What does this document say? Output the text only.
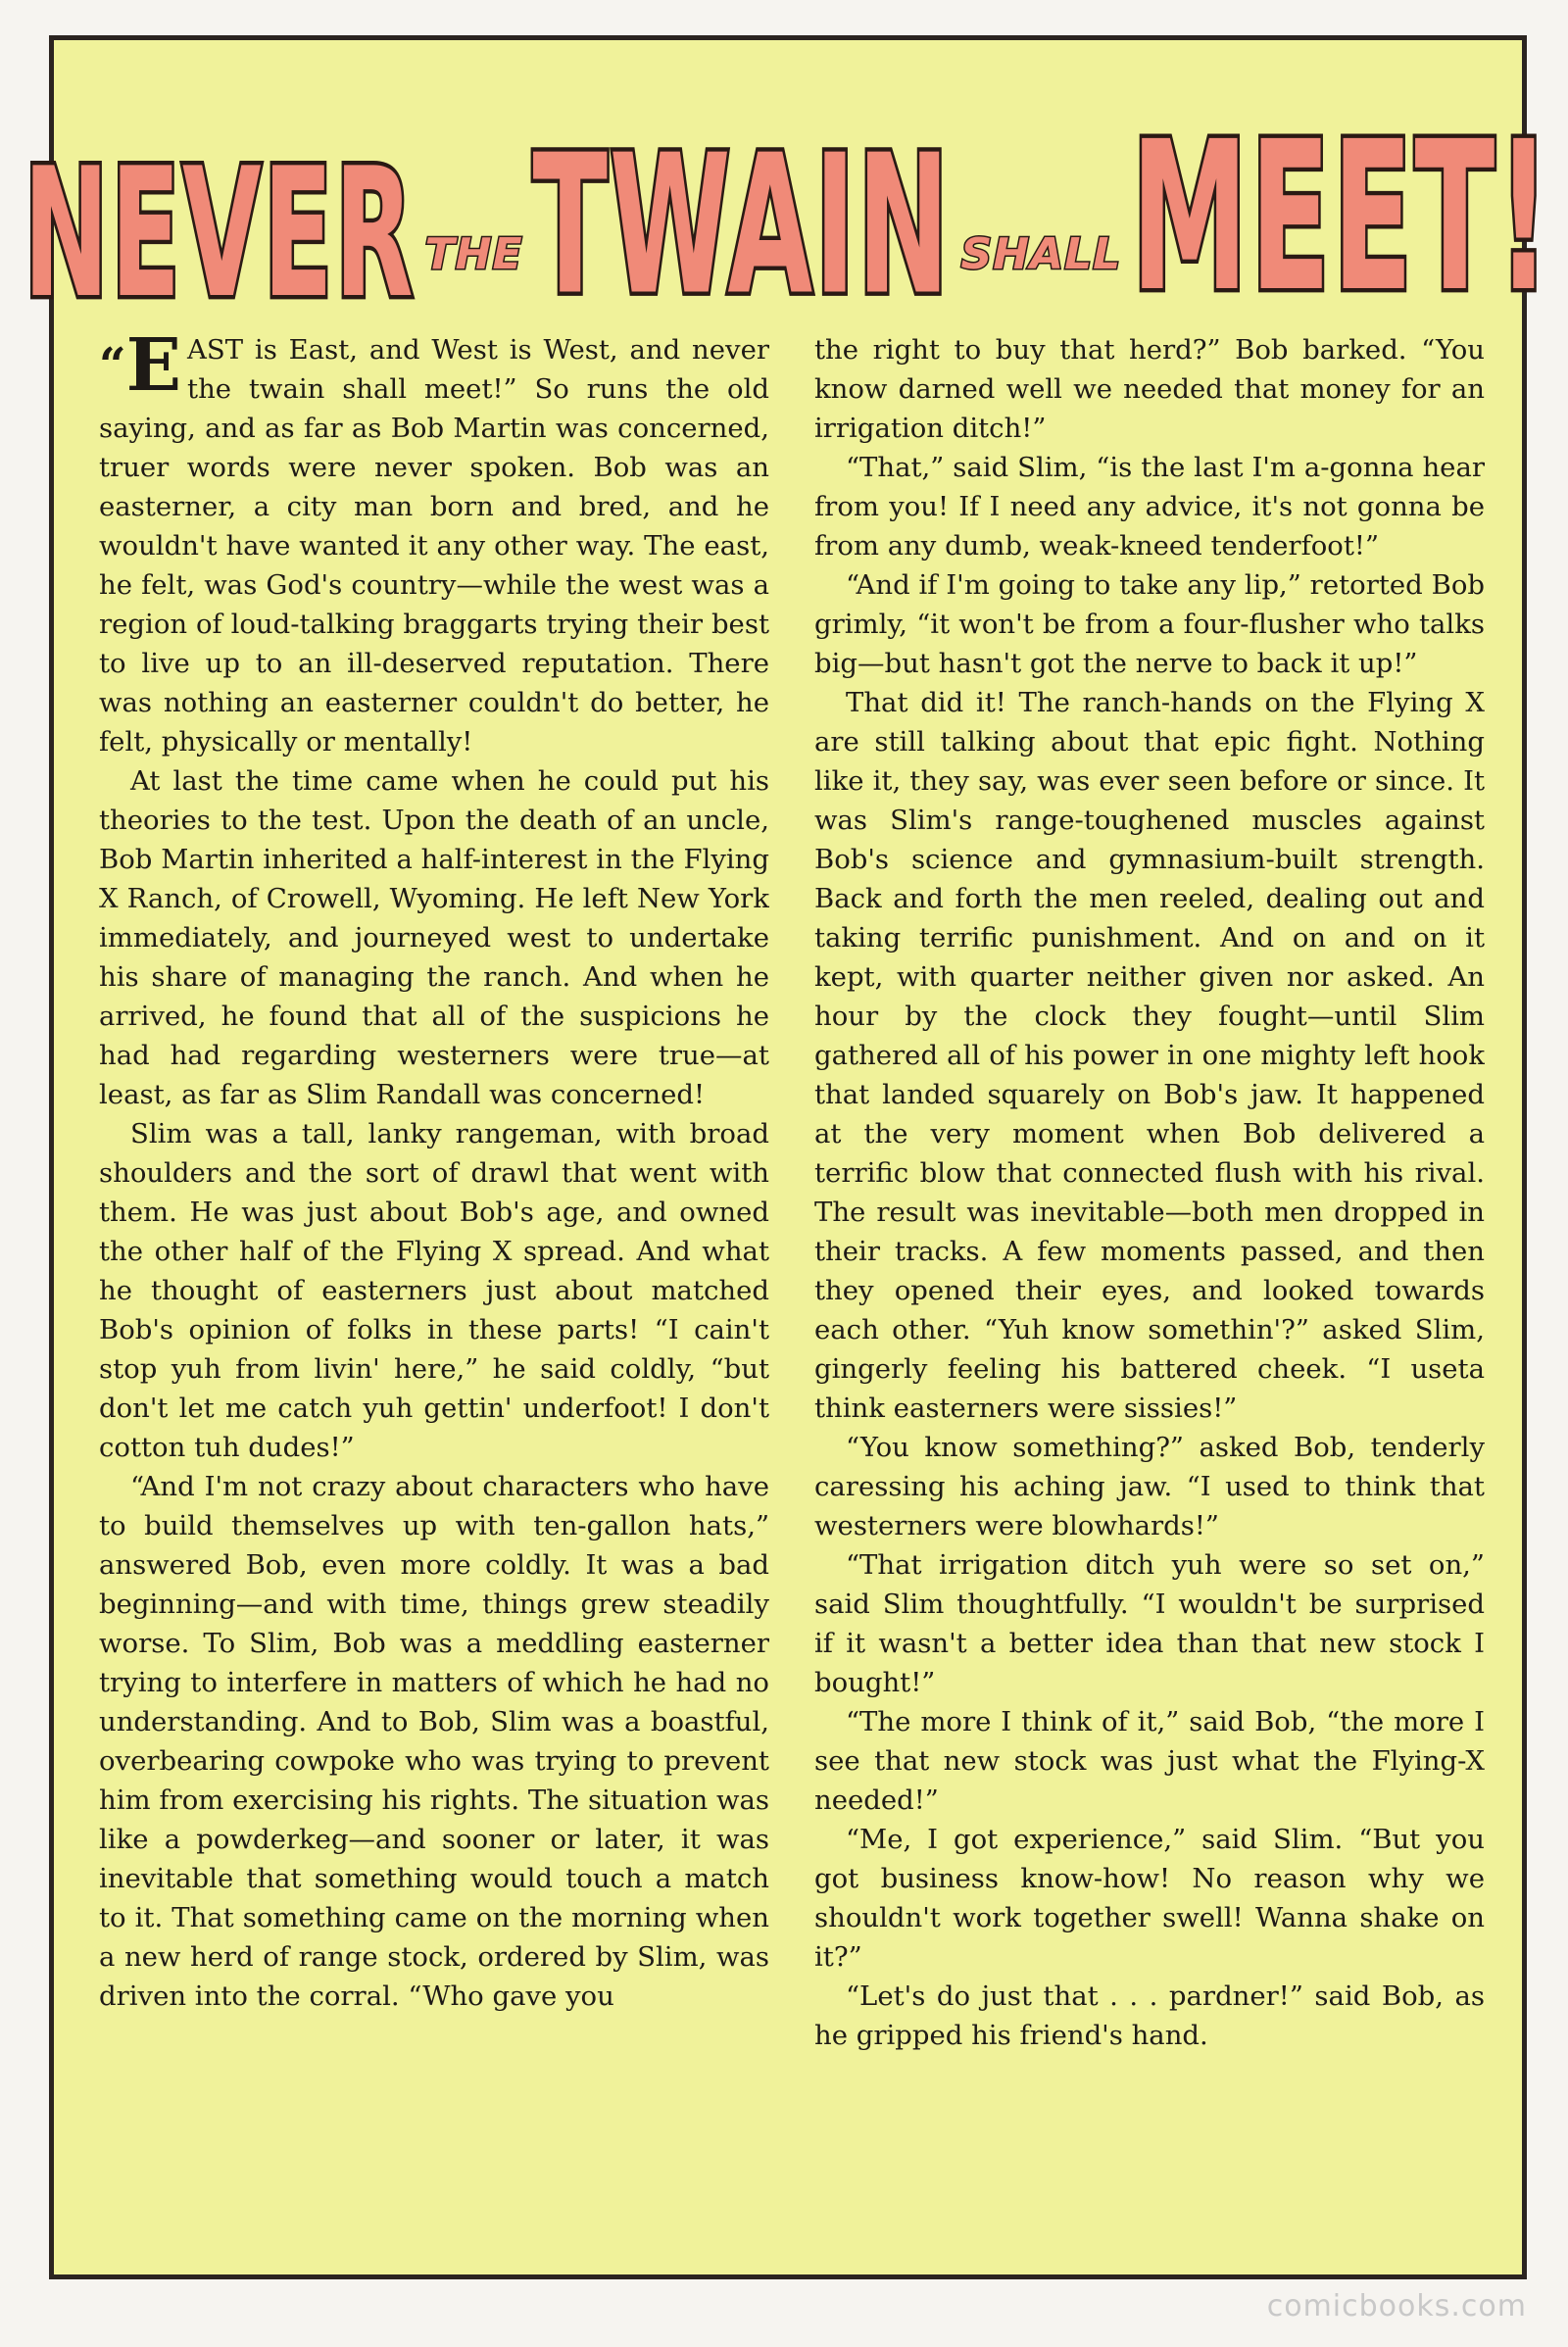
NEVER THE TWAIN SHALL MEET!

“E AST is East, and West is West, and never the twain shall meet!” So runs the old saying, and as far as Bob Martin was concerned, truer words were never spoken. Bob was an easterner, a city man born and bred, and he wouldn't have wanted it any other way. The east, he felt, was God's country—while the west was a region of loud-talking braggarts trying their best to live up to an ill-deserved reputation. There was nothing an easterner couldn't do better, he felt, physically or mentally!

At last the time came when he could put his theories to the test. Upon the death of an uncle, Bob Martin inherited a half-interest in the Flying X Ranch, of Crowell, Wyoming. He left New York immediately, and journeyed west to undertake his share of managing the ranch. And when he arrived, he found that all of the suspicions he had had regarding westerners were true—at least, as far as Slim Randall was concerned!

Slim was a tall, lanky rangeman, with broad shoulders and the sort of drawl that went with them. He was just about Bob's age, and owned the other half of the Flying X spread. And what he thought of easterners just about matched Bob's opinion of folks in these parts! “I cain't stop yuh from livin' here,” he said coldly, “but don't let me catch yuh gettin' underfoot! I don't cotton tuh dudes!”

“And I'm not crazy about characters who have to build themselves up with ten-gallon hats,” answered Bob, even more coldly. It was a bad beginning—and with time, things grew steadily worse. To Slim, Bob was a meddling easterner trying to interfere in matters of which he had no understanding. And to Bob, Slim was a boastful, overbearing cowpoke who was trying to prevent him from exercising his rights. The situation was like a powderkeg—and sooner or later, it was inevitable that something would touch a match to it. That something came on the morning when a new herd of range stock, ordered by Slim, was driven into the corral. “Who gave you

the right to buy that herd?” Bob barked. “You know darned well we needed that money for an irrigation ditch!”

“That,” said Slim, “is the last I'm a-gonna hear from you! If I need any advice, it's not gonna be from any dumb, weak-kneed tenderfoot!”

“And if I'm going to take any lip,” retorted Bob grimly, “it won't be from a four-flusher who talks big—but hasn't got the nerve to back it up!”

That did it! The ranch-hands on the Flying X are still talking about that epic fight. Nothing like it, they say, was ever seen before or since. It was Slim's range-toughened muscles against Bob's science and gymnasium-built strength. Back and forth the men reeled, dealing out and taking terrific punishment. And on and on it kept, with quarter neither given nor asked. An hour by the clock they fought—until Slim gathered all of his power in one mighty left hook that landed squarely on Bob's jaw. It happened at the very moment when Bob delivered a terrific blow that connected flush with his rival. The result was inevitable—both men dropped in their tracks. A few moments passed, and then they opened their eyes, and looked towards each other. “Yuh know somethin'?” asked Slim, gingerly feeling his battered cheek. “I useta think easterners were sissies!”

“You know something?” asked Bob, tenderly caressing his aching jaw. “I used to think that westerners were blowhards!”

“That irrigation ditch yuh were so set on,” said Slim thoughtfully. “I wouldn't be surprised if it wasn't a better idea than that new stock I bought!”

“The more I think of it,” said Bob, “the more I see that new stock was just what the Flying-X needed!”

“Me, I got experience,” said Slim. “But you got business know-how! No reason why we shouldn't work together swell! Wanna shake on it?”

“Let's do just that . . . pardner!” said Bob, as he gripped his friend's hand.

comicbooks.com
